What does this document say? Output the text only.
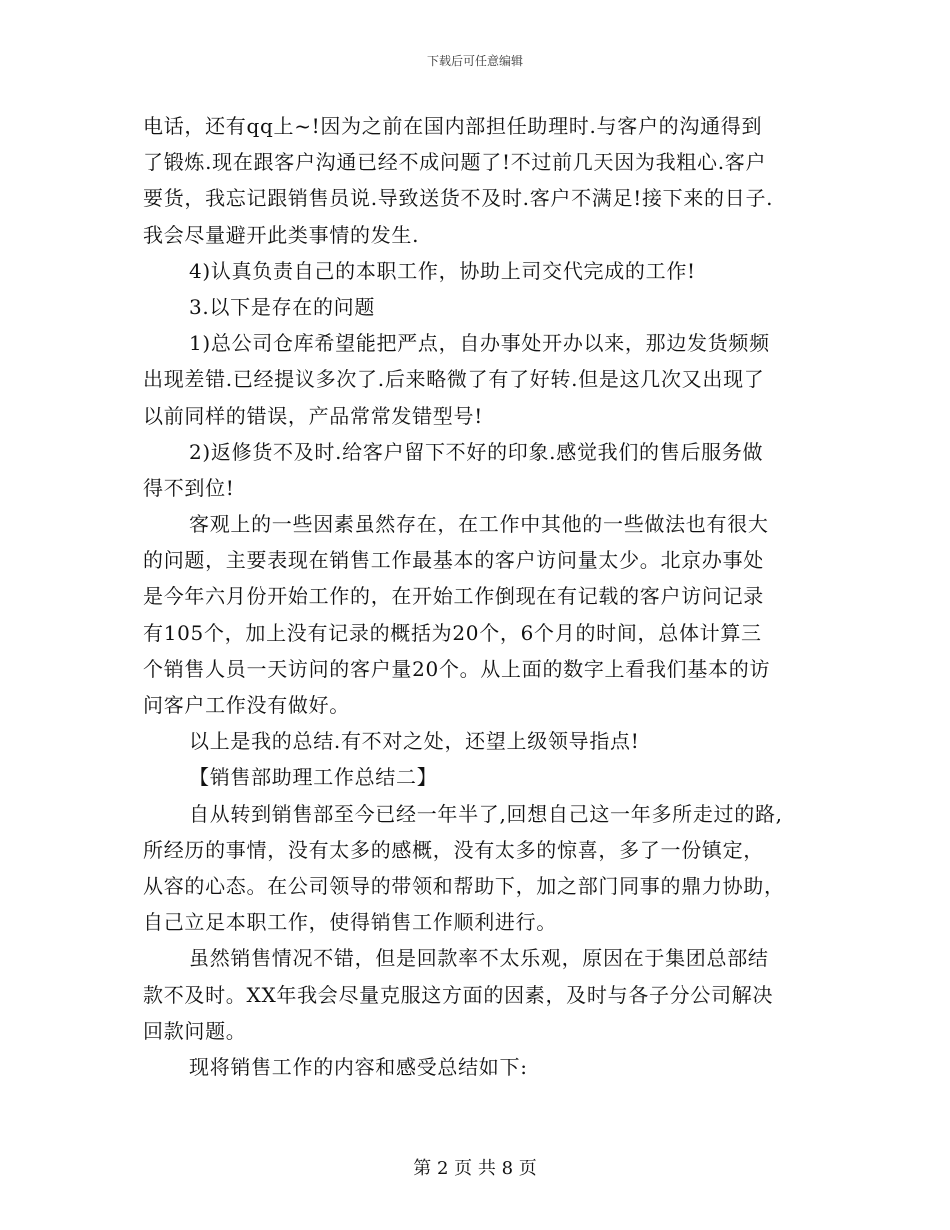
下载后可任意编辑
电话，还有qq上~!因为之前在国内部担任助理时.与客户的沟通得到
了锻炼.现在跟客户沟通已经不成问题了!不过前几天因为我粗心.客户
要货，我忘记跟销售员说.导致送货不及时.客户不满足!接下来的日子.
我会尽量避开此类事情的发生.
4)认真负责自己的本职工作，协助上司交代完成的工作!
3.以下是存在的问题
1)总公司仓库希望能把严点，自办事处开办以来，那边发货频频
出现差错.已经提议多次了.后来略微了有了好转.但是这几次又出现了
以前同样的错误，产品常常发错型号!
2)返修货不及时.给客户留下不好的印象.感觉我们的售后服务做
得不到位!
客观上的一些因素虽然存在，在工作中其他的一些做法也有很大
的问题，主要表现在销售工作最基本的客户访问量太少。北京办事处
是今年六月份开始工作的，在开始工作倒现在有记载的客户访问记录
有105个，加上没有记录的概括为20个，6个月的时间，总体计算三
个销售人员一天访问的客户量20个。从上面的数字上看我们基本的访
问客户工作没有做好。
以上是我的总结.有不对之处，还望上级领导指点!
【销售部助理工作总结二】
自从转到销售部至今已经一年半了,回想自己这一年多所走过的路,
所经历的事情，没有太多的感概，没有太多的惊喜，多了一份镇定，
从容的心态。在公司领导的带领和帮助下，加之部门同事的鼎力协助，
自己立足本职工作，使得销售工作顺利进行。
虽然销售情况不错，但是回款率不太乐观，原因在于集团总部结
款不及时。XX年我会尽量克服这方面的因素，及时与各子分公司解决
回款问题。
现将销售工作的内容和感受总结如下:
第 2 页 共 8 页
